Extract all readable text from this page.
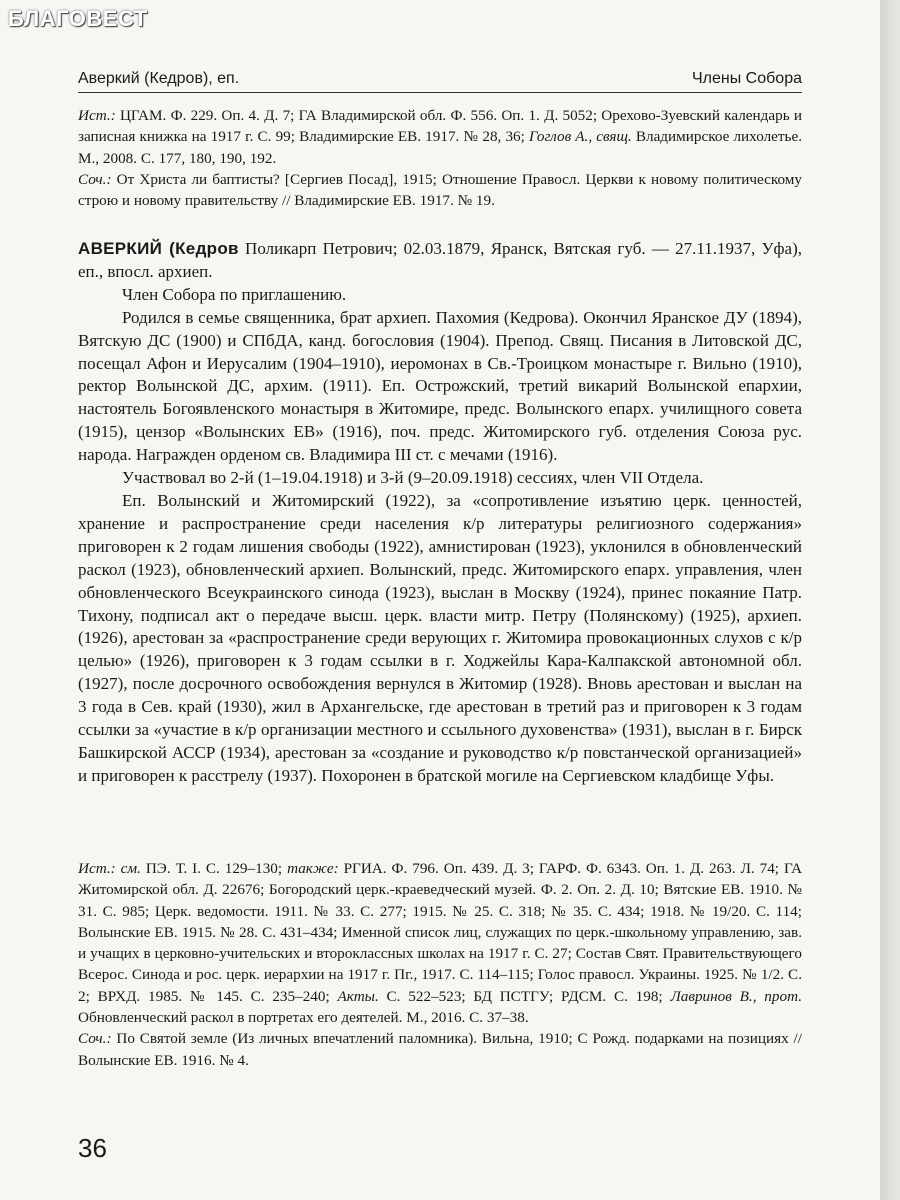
БЛАГОВЕСТ
Аверкий (Кедров), еп.	Члены Собора
Ист.: ЦГАМ. Ф. 229. Оп. 4. Д. 7; ГА Владимирской обл. Ф. 556. Оп. 1. Д. 5052; Орехово-Зуевский календарь и записная книжка на 1917 г. С. 99; Владимирские ЕВ. 1917. № 28, 36; Гоглов А., свящ. Владимирское лихолетье. М., 2008. С. 177, 180, 190, 192.
Соч.: От Христа ли баптисты? [Сергиев Посад], 1915; Отношение Правосл. Церкви к новому политическому строю и новому правительству // Владимирские ЕВ. 1917. № 19.

АВЕРКИЙ (Кедров Поликарп Петрович; 02.03.1879, Яранск, Вятская губ. — 27.11.1937, Уфа), еп., впосл. архиеп.

Член Собора по приглашению.

Родился в семье священника, брат архиеп. Пахомия (Кедрова). Окончил Яранское ДУ (1894), Вятскую ДС (1900) и СПбДА, канд. богословия (1904). Препод. Свящ. Писания в Литовской ДС, посещал Афон и Иерусалим (1904–1910), иеромонах в Св.-Троицком монастыре г. Вильно (1910), ректор Волынской ДС, архим. (1911). Еп. Острожский, третий викарий Волынской епархии, настоятель Богоявленского монастыря в Житомире, предс. Волынского епарх. училищного совета (1915), цензор «Волынских ЕВ» (1916), поч. предс. Житомирского губ. отделения Союза рус. народа. Награжден орденом св. Владимира III ст. с мечами (1916).

Участвовал во 2-й (1–19.04.1918) и 3-й (9–20.09.1918) сессиях, член VII Отдела.

Еп. Волынский и Житомирский (1922), за «сопротивление изъятию церк. ценностей, хранение и распространение среди населения к/р литературы религиозного содержания» приговорен к 2 годам лишения свободы (1922), амнистирован (1923), уклонился в обновленческий раскол (1923), обновленческий архиеп. Волынский, предс. Житомирского епарх. управления, член обновленческого Всеукраинского синода (1923), выслан в Москву (1924), принес покаяние Патр. Тихону, подписал акт о передаче высш. церк. власти митр. Петру (Полянскому) (1925), архиеп. (1926), арестован за «распространение среди верующих г. Житомира провокационных слухов с к/р целью» (1926), приговорен к 3 годам ссылки в г. Ходжейлы Кара-Калпакской автономной обл. (1927), после досрочного освобождения вернулся в Житомир (1928). Вновь арестован и выслан на 3 года в Сев. край (1930), жил в Архангельске, где арестован в третий раз и приговорен к 3 годам ссылки за «участие в к/р организации местного и ссыльного духовенства» (1931), выслан в г. Бирск Башкирской АССР (1934), арестован за «создание и руководство к/р повстанческой организацией» и приговорен к расстрелу (1937). Похоронен в братской могиле на Сергиевском кладбище Уфы.

Ист.: см. ПЭ. Т. I. С. 129–130; также: РГИА. Ф. 796. Оп. 439. Д. 3; ГАРФ. Ф. 6343. Оп. 1. Д. 263. Л. 74; ГА Житомирской обл. Д. 22676; Богородский церк.-краеведческий музей. Ф. 2. Оп. 2. Д. 10; Вятские ЕВ. 1910. № 31. С. 985; Церк. ведомости. 1911. № 33. С. 277; 1915. № 25. С. 318; № 35. С. 434; 1918. № 19/20. С. 114; Волынские ЕВ. 1915. № 28. С. 431–434; Именной список лиц, служащих по церк.-школьному управлению, зав. и учащих в церковно-учительских и второклассных школах на 1917 г. С. 27; Состав Свят. Правительствующего Всерос. Синода и рос. церк. иерархии на 1917 г. Пг., 1917. С. 114–115; Голос правосл. Украины. 1925. № 1/2. С. 2; ВРХД. 1985. № 145. С. 235–240; Акты. С. 522–523; БД ПСТГУ; РДСМ. С. 198; Лавринов В., прот. Обновленческий раскол в портретах его деятелей. М., 2016. С. 37–38.
Соч.: По Святой земле (Из личных впечатлений паломника). Вильна, 1910; С Рожд. подарками на позициях // Волынские ЕВ. 1916. № 4.
36
